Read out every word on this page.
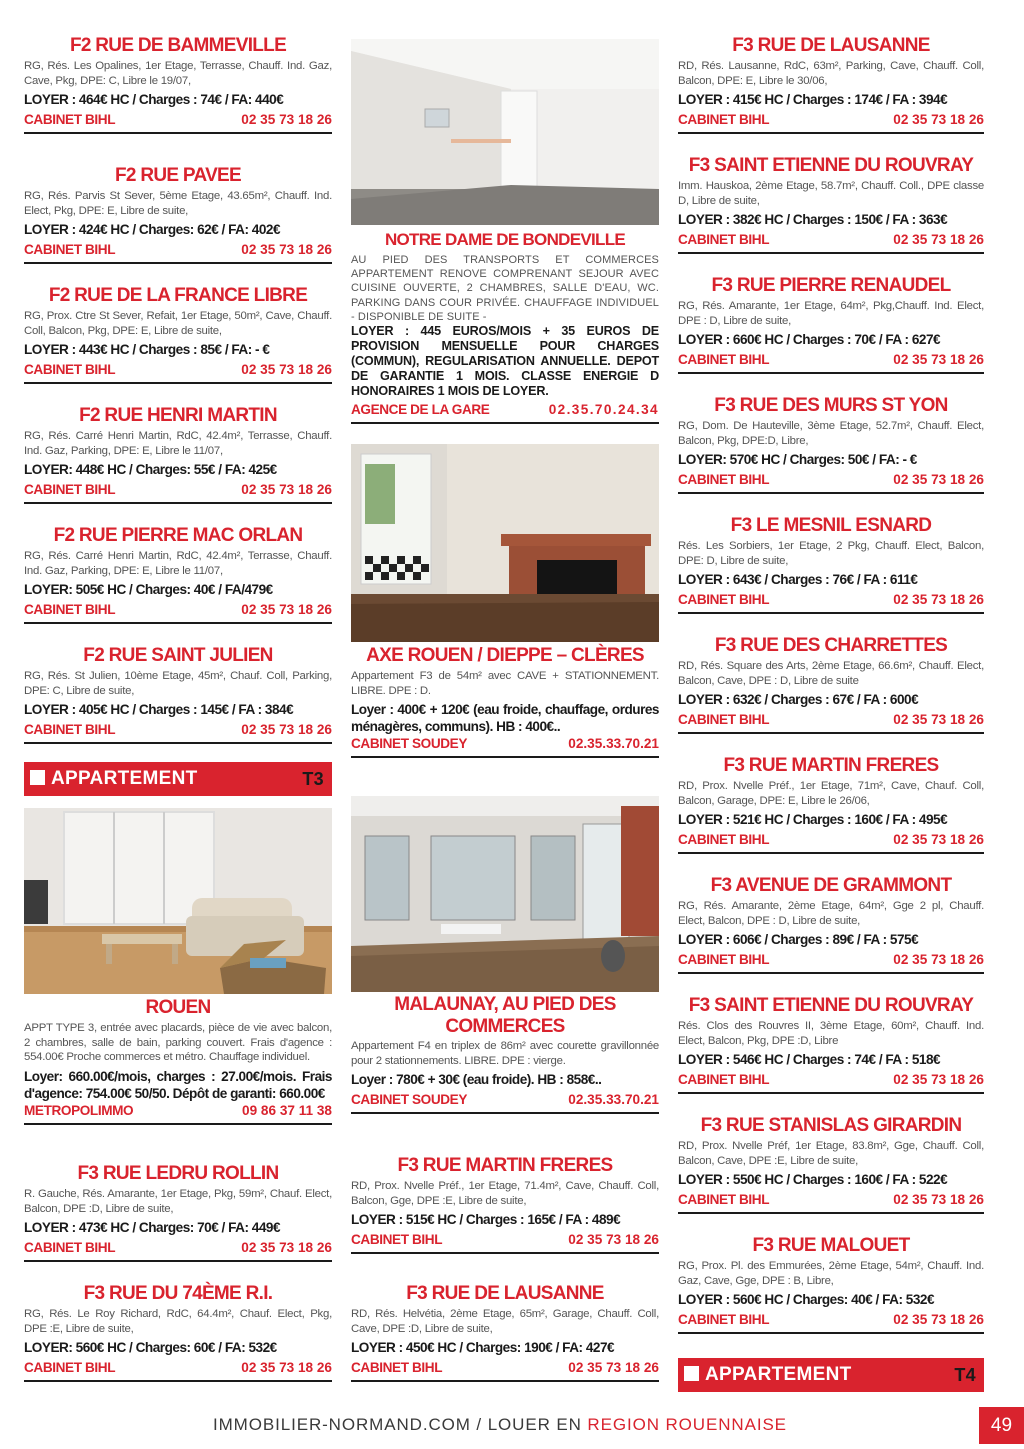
F2 RUE DE BAMMEVILLE
RG, Rés. Les Opalines, 1er Etage, Terrasse, Chauff. Ind. Gaz, Cave, Pkg, DPE: C, Libre le 19/07,
LOYER : 464€ HC / Charges : 74€ / FA: 440€
CABINET BIHL	02 35 73 18 26
F2 RUE PAVEE
RG, Rés. Parvis St Sever, 5ème Etage, 43.65m², Chauff. Ind. Elect, Pkg, DPE: E, Libre de suite,
LOYER : 424€ HC / Charges: 62€ / FA: 402€
CABINET BIHL	02 35 73 18 26
F2 RUE DE LA FRANCE LIBRE
RG, Prox. Ctre St Sever, Refait, 1er Etage, 50m², Cave, Chauff. Coll, Balcon, Pkg, DPE: E, Libre de suite,
LOYER : 443€ HC / Charges : 85€ / FA: - €
CABINET BIHL	02 35 73 18 26
F2 RUE HENRI MARTIN
RG, Rés. Carré Henri Martin, RdC, 42.4m², Terrasse, Chauff. Ind. Gaz, Parking, DPE: E, Libre le 11/07,
LOYER: 448€ HC / Charges: 55€ / FA: 425€
CABINET BIHL	02 35 73 18 26
F2 RUE PIERRE MAC ORLAN
RG, Rés. Carré Henri Martin, RdC, 42.4m², Terrasse, Chauff. Ind. Gaz, Parking, DPE: E, Libre le 11/07,
LOYER: 505€ HC / Charges: 40€ / FA/479€
CABINET BIHL	02 35 73 18 26
F2 RUE SAINT JULIEN
RG, Rés. St Julien, 10ème Etage, 45m², Chauf. Coll, Parking, DPE: C, Libre de suite,
LOYER : 405€ HC / Charges : 145€ / FA : 384€
CABINET BIHL	02 35 73 18 26
APPARTEMENT	T3
ROUEN
APPT TYPE 3, entrée avec placards, pièce de vie avec balcon, 2 chambres, salle de bain, parking couvert. Frais d'agence : 554.00€ Proche commerces et métro. Chauffage individuel.
Loyer: 660.00€/mois, charges : 27.00€/mois. Frais d'agence: 754.00€ 50/50. Dépôt de garanti: 660.00€
METROPOLIMMO	09 86 37 11 38
F3 RUE LEDRU ROLLIN
R. Gauche, Rés. Amarante, 1er Etage, Pkg, 59m², Chauf. Elect, Balcon, DPE :D, Libre de suite,
LOYER : 473€ HC / Charges: 70€ / FA: 449€
CABINET BIHL	02 35 73 18 26
F3 RUE DU 74ÈME R.I.
RG, Rés. Le Roy Richard, RdC, 64.4m², Chauf. Elect, Pkg, DPE :E, Libre de suite,
LOYER: 560€ HC / Charges: 60€ / FA: 532€
CABINET BIHL	02 35 73 18 26
NOTRE DAME DE BONDEVILLE
AU PIED DES TRANSPORTS ET COMMERCES APPARTEMENT RENOVE COMPRENANT SEJOUR AVEC CUISINE OUVERTE, 2 CHAMBRES, SALLE D'EAU, WC. PARKING DANS COUR PRIVÉE. CHAUFFAGE INDIVIDUEL - DISPONIBLE DE SUITE -
LOYER : 445 EUROS/MOIS + 35 EUROS DE PROVISION MENSUELLE POUR CHARGES (COMMUN), REGULARISATION ANNUELLE. DEPOT DE GARANTIE 1 MOIS. CLASSE ENERGIE D HONORAIRES 1 MOIS DE LOYER.
AGENCE DE LA GARE	02.35.70.24.34
AXE ROUEN / DIEPPE – CLÈRES
Appartement F3 de 54m² avec CAVE + STATIONNEMENT. LIBRE. DPE : D.
Loyer : 400€ + 120€ (eau froide, chauffage, ordures ménagères, communs). HB : 400€..
CABINET SOUDEY	02.35.33.70.21
MALAUNAY, AU PIED DES COMMERCES
Appartement F4 en triplex de 86m² avec courette gravillonnée pour 2 stationnements. LIBRE. DPE : vierge.
Loyer : 780€ + 30€ (eau froide). HB : 858€..
CABINET SOUDEY	02.35.33.70.21
F3 RUE MARTIN FRERES
RD, Prox. Nvelle Préf., 1er Etage, 71.4m², Cave, Chauff. Coll, Balcon, Gge, DPE :E, Libre de suite,
LOYER : 515€ HC / Charges : 165€ / FA : 489€
CABINET BIHL	02 35 73 18 26
F3 RUE DE LAUSANNE
RD, Rés. Helvétia, 2ème Etage, 65m², Garage, Chauff. Coll, Cave, DPE :D, Libre de suite,
LOYER : 450€ HC / Charges: 190€ / FA: 427€
CABINET BIHL	02 35 73 18 26
F3 RUE DE LAUSANNE
RD, Rés. Lausanne, RdC, 63m², Parking, Cave, Chauff. Coll, Balcon, DPE: E, Libre le 30/06,
LOYER : 415€ HC / Charges : 174€ / FA : 394€
CABINET BIHL	02 35 73 18 26
F3 SAINT ETIENNE DU ROUVRAY
Imm. Hauskoa, 2ème Etage, 58.7m², Chauff. Coll., DPE classe D, Libre de suite,
LOYER : 382€ HC / Charges : 150€ / FA : 363€
CABINET BIHL	02 35 73 18 26
F3 RUE PIERRE RENAUDEL
RG, Rés. Amarante, 1er Etage, 64m², Pkg,Chauff. Ind. Elect, DPE : D, Libre de suite,
LOYER : 660€ HC / Charges : 70€ / FA : 627€
CABINET BIHL	02 35 73 18 26
F3 RUE DES MURS ST YON
RG, Dom. De Hauteville, 3ème Etage, 52.7m², Chauff. Elect, Balcon, Pkg, DPE:D, Libre,
LOYER: 570€ HC / Charges: 50€ / FA: - €
CABINET BIHL	02 35 73 18 26
F3 LE MESNIL ESNARD
Rés. Les Sorbiers, 1er Etage, 2 Pkg, Chauff. Elect, Balcon, DPE: D, Libre de suite,
LOYER : 643€ / Charges : 76€ / FA : 611€
CABINET BIHL	02 35 73 18 26
F3 RUE DES CHARRETTES
RD, Rés. Square des Arts, 2ème Etage, 66.6m², Chauff. Elect, Balcon, Cave, DPE : D, Libre de suite
LOYER : 632€ / Charges : 67€ / FA : 600€
CABINET BIHL	02 35 73 18 26
F3 RUE MARTIN FRERES
RD, Prox. Nvelle Préf., 1er Etage, 71m², Cave, Chauf. Coll, Balcon, Garage, DPE: E, Libre le 26/06,
LOYER : 521€ HC / Charges : 160€ / FA : 495€
CABINET BIHL	02 35 73 18 26
F3 AVENUE DE GRAMMONT
RG, Rés. Amarante, 2ème Etage, 64m², Gge 2 pl, Chauff. Elect, Balcon, DPE : D, Libre de suite,
LOYER : 606€ / Charges : 89€ / FA : 575€
CABINET BIHL	02 35 73 18 26
F3 SAINT ETIENNE DU ROUVRAY
Rés. Clos des Rouvres II, 3ème Etage, 60m², Chauff. Ind. Elect, Balcon, Pkg, DPE :D, Libre
LOYER : 546€ HC / Charges : 74€ / FA : 518€
CABINET BIHL	02 35 73 18 26
F3 RUE STANISLAS GIRARDIN
RD, Prox. Nvelle Préf, 1er Etage, 83.8m², Gge, Chauff. Coll, Balcon, Cave, DPE :E, Libre de suite,
LOYER : 550€ HC / Charges : 160€ / FA : 522€
CABINET BIHL	02 35 73 18 26
F3 RUE MALOUET
RG, Prox. Pl. des Emmurées, 2ème Etage, 54m², Chauff. Ind. Gaz, Cave, Gge, DPE : B, Libre,
LOYER : 560€ HC / Charges: 40€ / FA: 532€
CABINET BIHL	02 35 73 18 26
APPARTEMENT	T4
IMMOBILIER-NORMAND.COM / LOUER EN REGION ROUENNAISE	49
